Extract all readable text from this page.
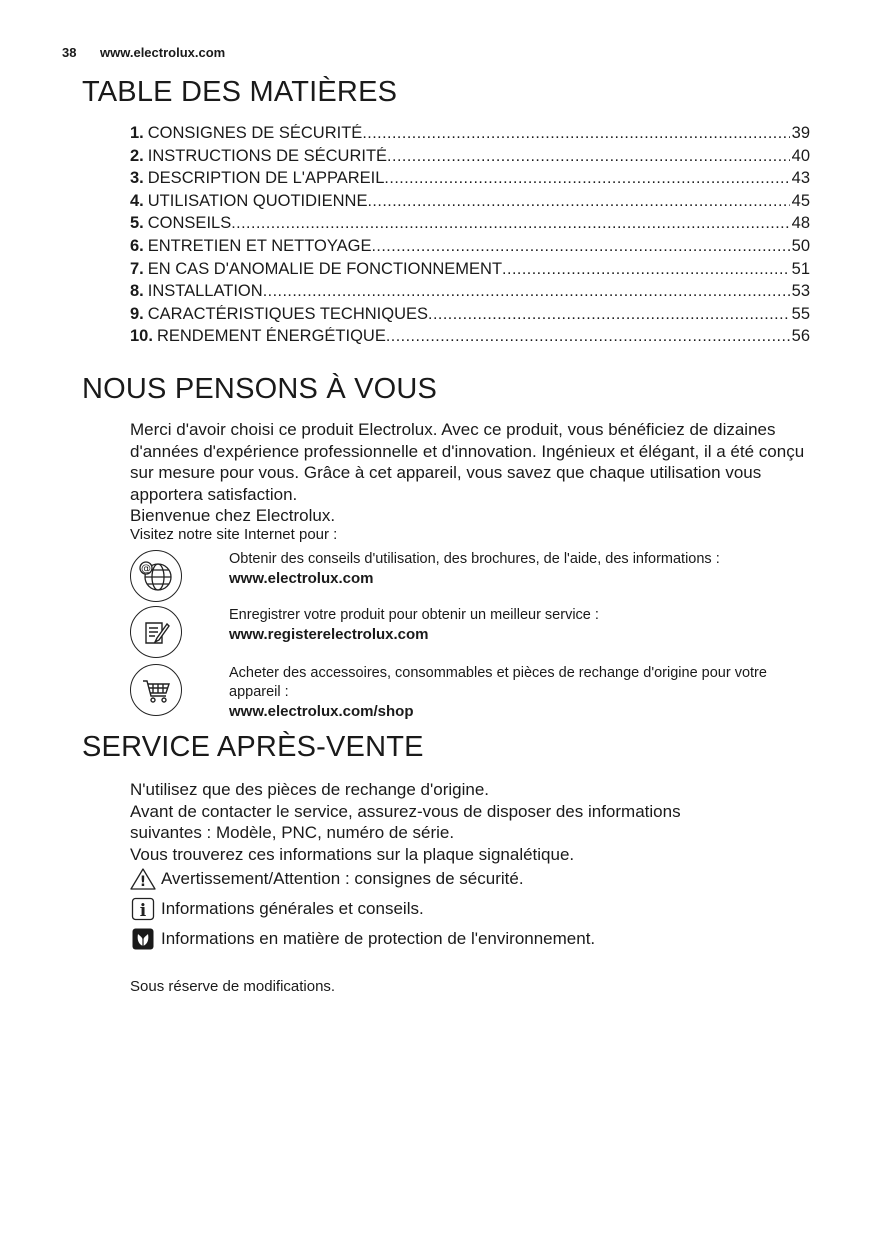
38	www.electrolux.com
TABLE DES MATIÈRES
1. CONSIGNES DE SÉCURITÉ .....	39
2. INSTRUCTIONS DE SÉCURITÉ .....	40
3. DESCRIPTION DE L'APPAREIL .....	43
4. UTILISATION QUOTIDIENNE .....	45
5. CONSEILS .....	48
6. ENTRETIEN ET NETTOYAGE .....	50
7. EN CAS D'ANOMALIE DE FONCTIONNEMENT .....	51
8. INSTALLATION .....	53
9. CARACTÉRISTIQUES TECHNIQUES .....	55
10. RENDEMENT ÉNERGÉTIQUE .....	56
NOUS PENSONS À VOUS

Merci d'avoir choisi ce produit Electrolux. Avec ce produit, vous bénéficiez de dizaines d'années d'expérience professionnelle et d'innovation. Ingénieux et élégant, il a été conçu sur mesure pour vous. Grâce à cet appareil, vous savez que chaque utilisation vous apportera satisfaction.

Bienvenue chez Electrolux.

Visitez notre site Internet pour :
@
Obtenir des conseils d'utilisation, des brochures, de l'aide, des informations :
www.electrolux.com
Enregistrer votre produit pour obtenir un meilleur service :
www.registerelectrolux.com
Acheter des accessoires, consommables et pièces de rechange d'origine pour votre appareil :
www.electrolux.com/shop
SERVICE APRÈS-VENTE

N'utilisez que des pièces de rechange d'origine.

Avant de contacter le service, assurez-vous de disposer des informations suivantes : Modèle, PNC, numéro de série.

Vous trouverez ces informations sur la plaque signalétique.

! Avertissement/Attention : consignes de sécurité.
i Informations générales et conseils.
Informations en matière de protection de l'environnement.
Sous réserve de modifications.
